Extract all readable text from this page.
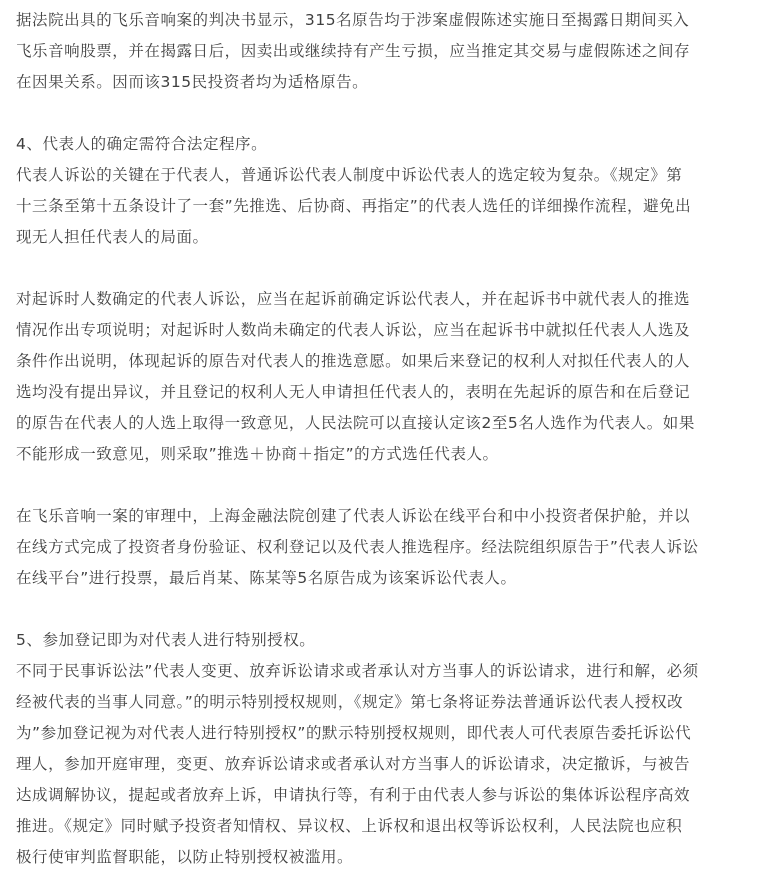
据法院出具的飞乐音响案的判决书显示，315名原告均于涉案虚假陈述实施日至揭露日期间买入
飞乐音响股票，并在揭露日后，因卖出或继续持有产生亏损，应当推定其交易与虚假陈述之间存
在因果关系。因而该315民投资者均为适格原告。
4、代表人的确定需符合法定程序。
代表人诉讼的关键在于代表人，普通诉讼代表人制度中诉讼代表人的选定较为复杂。《规定》第
十三条至第十五条设计了一套”先推选、后协商、再指定”的代表人选任的详细操作流程，避免出
现无人担任代表人的局面。
对起诉时人数确定的代表人诉讼，应当在起诉前确定诉讼代表人，并在起诉书中就代表人的推选
情况作出专项说明；对起诉时人数尚未确定的代表人诉讼，应当在起诉书中就拟任代表人人选及
条件作出说明，体现起诉的原告对代表人的推选意愿。如果后来登记的权利人对拟任代表人的人
选均没有提出异议，并且登记的权利人无人申请担任代表人的，表明在先起诉的原告和在后登记
的原告在代表人的人选上取得一致意见，人民法院可以直接认定该2至5名人选作为代表人。如果
不能形成一致意见，则采取”推选＋协商＋指定”的方式选任代表人。
在飞乐音响一案的审理中，上海金融法院创建了代表人诉讼在线平台和中小投资者保护舱，并以
在线方式完成了投资者身份验证、权利登记以及代表人推选程序。经法院组织原告于”代表人诉讼
在线平台”进行投票，最后肖某、陈某等5名原告成为该案诉讼代表人。
5、参加登记即为对代表人进行特别授权。
不同于民事诉讼法”代表人变更、放弃诉讼请求或者承认对方当事人的诉讼请求，进行和解，必须
经被代表的当事人同意。”的明示特别授权规则，《规定》第七条将证券法普通诉讼代表人授权改
为”参加登记视为对代表人进行特别授权”的默示特别授权规则，即代表人可代表原告委托诉讼代
理人，参加开庭审理，变更、放弃诉讼请求或者承认对方当事人的诉讼请求，决定撤诉，与被告
达成调解协议，提起或者放弃上诉，申请执行等，有利于由代表人参与诉讼的集体诉讼程序高效
推进。《规定》同时赋予投资者知情权、异议权、上诉权和退出权等诉讼权利，人民法院也应积
极行使审判监督职能，以防止特别授权被滥用。
